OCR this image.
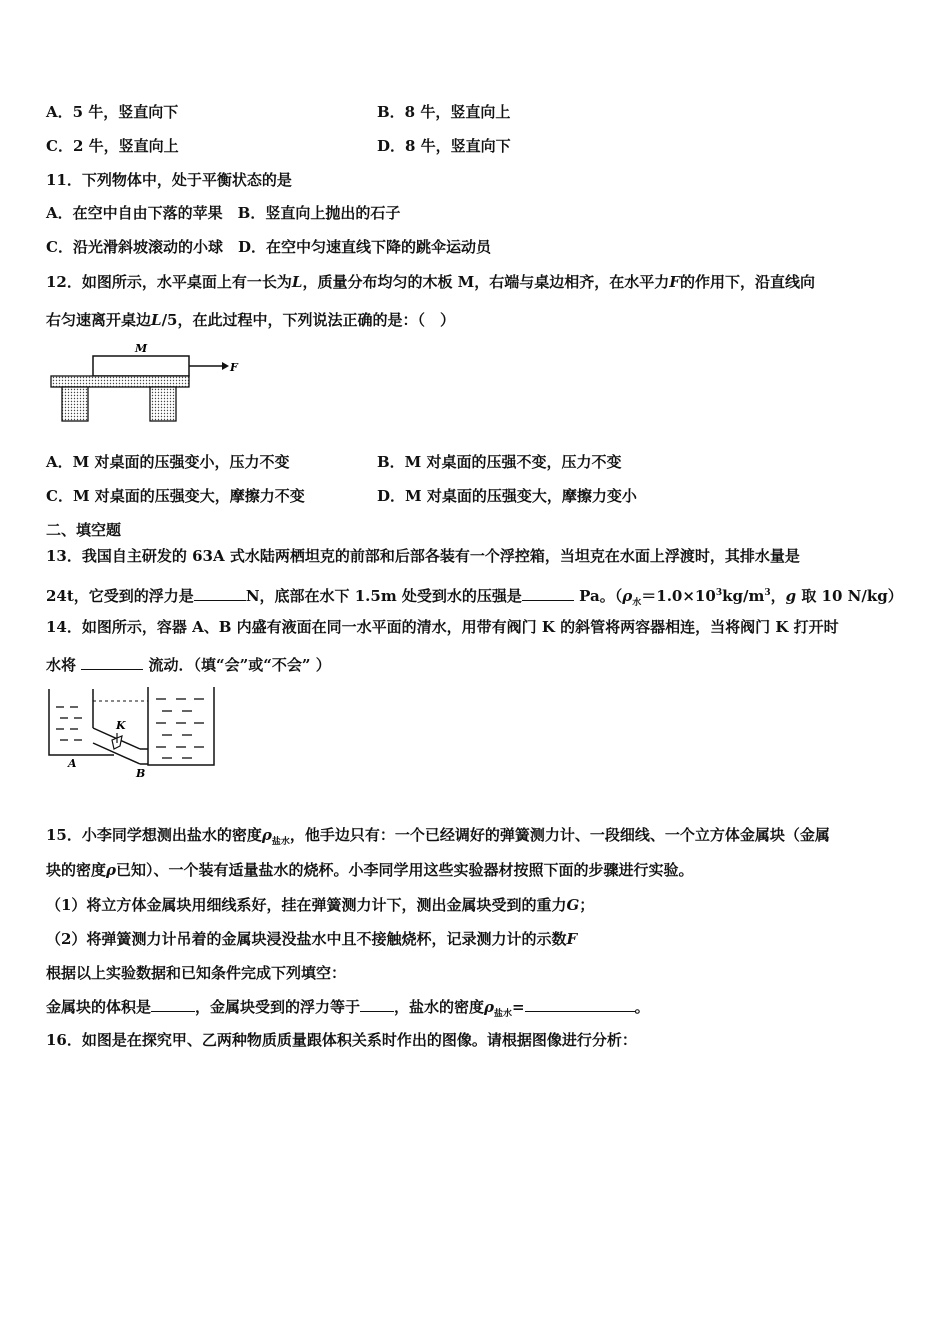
A．5 牛，竖直向下	B．8 牛，竖直向上
C．2 牛，竖直向上	D．8 牛，竖直向下
11．下列物体中，处于平衡状态的是
A．在空中自由下落的苹果　B．竖直向上抛出的石子
C．沿光滑斜坡滚动的小球　D．在空中匀速直线下降的跳伞运动员
12．如图所示，水平桌面上有一长为L，质量分布均匀的木板 M，右端与桌边相齐，在水平力F的作用下，沿直线向
右匀速离开桌边L/5，在此过程中，下列说法正确的是：（　）
M
F
A．M 对桌面的压强变小，压力不变	B．M 对桌面的压强不变，压力不变
C．M 对桌面的压强变大，摩擦力不变	D．M 对桌面的压强变大，摩擦力变小
二、填空题
13．我国自主研发的 63A 式水陆两栖坦克的前部和后部各装有一个浮控箱，当坦克在水面上浮渡时，其排水量是
24t，它受到的浮力是	N，底部在水下 1.5m 处受到水的压强是	Pa。（$\rho_水=1.0\times 10^3kg/m^3$，g 取 10 N/kg）
14．如图所示，容器 A、B 内盛有液面在同一水平面的清水，用带有阀门 K 的斜管将两容器相连，当将阀门 K 打开时
水将	流动．（填“会”或“不会” ）
K
A
B
15．小李同学想测出盐水的密度$\rho_{盐水}$，他手边只有：一个已经调好的弹簧测力计、一段细线、一个立方体金属块（金属
块的密度ρ已知）、一个装有适量盐水的烧杯。小李同学用这些实验器材按照下面的步骤进行实验。
（1）将立方体金属块用细线系好，挂在弹簧测力计下，测出金属块受到的重力G；
（2）将弹簧测力计吊着的金属块浸没盐水中且不接触烧杯，记录测力计的示数F
根据以上实验数据和已知条件完成下列填空：
金属块的体积是	，金属块受到的浮力等于 ，盐水的密度$\rho_{盐水}=$	。
16．如图是在探究甲、乙两种物质质量跟体积关系时作出的图像。请根据图像进行分析：
